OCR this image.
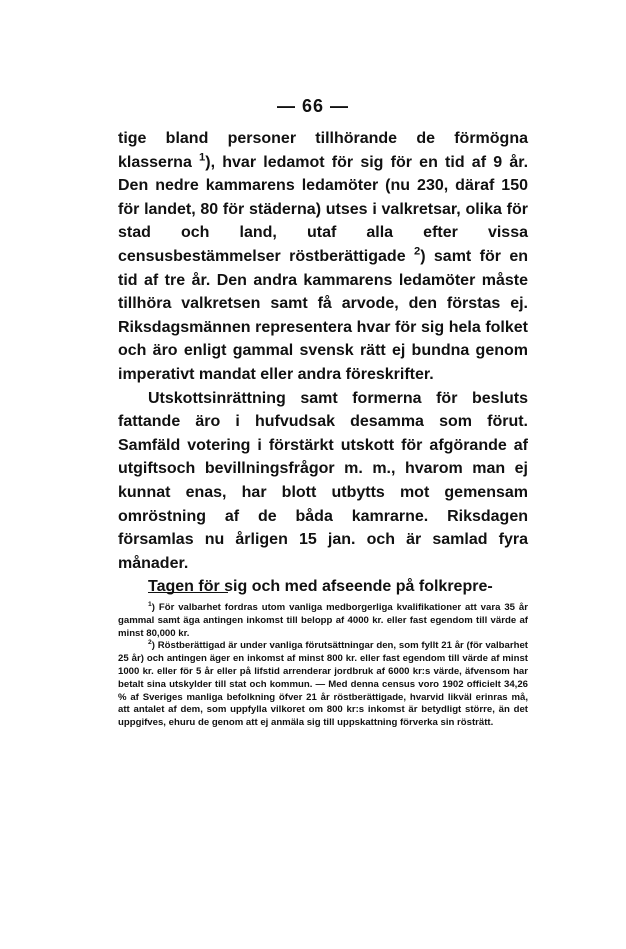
— 66 —

tige bland personer tillhörande de förmögna klasserna $^1$), hvar ledamot för sig för en tid af 9 år. Den nedre kammarens ledamöter (nu 230, däraf 150 för landet, 80 för städerna) utses i valkretsar, olika för stad och land, utaf alla efter vissa censusbestämmelser röstberättigade $^2$) samt för en tid af tre år. Den andra kammarens ledamöter måste tillhöra valkretsen samt få arvode, den förstas ej. Riksdagsmännen representera hvar för sig hela folket och äro enligt gammal svensk rätt ej bundna genom imperativt mandat eller andra föreskrifter.

Utskottsinrättning samt formerna för besluts fattande äro i hufvudsak desamma som förut. Samfäld votering i förstärkt utskott för afgörande af utgiftsoch bevillningsfrågor m. m., hvarom man ej kunnat enas, har blott utbytts mot gemensam omröstning af de båda kamrarne. Riksdagen församlas nu årligen 15 jan. och är samlad fyra månader.

Tagen för sig och med afseende på folkrepre-

$^1$) För valbarhet fordras utom vanliga medborgerliga kvalifikationer att vara 35 år gammal samt äga antingen inkomst till belopp af 4000 kr. eller fast egendom till värde af minst 80,000 kr.

$^2$) Röstberättigad är under vanliga förutsättningar den, som fyllt 21 år (för valbarhet 25 år) och antingen äger en inkomst af minst 800 kr. eller fast egendom till värde af minst 1000 kr. eller för 5 år eller på lifstid arrenderar jordbruk af 6000 kr:s värde, äfvensom har betalt sina utskylder till stat och kommun. — Med denna census voro 1902 officielt 34,26 % af Sveriges manliga befolkning öfver 21 år röstberättigade, hvarvid likväl erinras må, att antalet af dem, som uppfylla vilkoret om 800 kr:s inkomst är betydligt större, än det uppgifves, ehuru de genom att ej anmäla sig till uppskattning förverka sin rösträtt.
